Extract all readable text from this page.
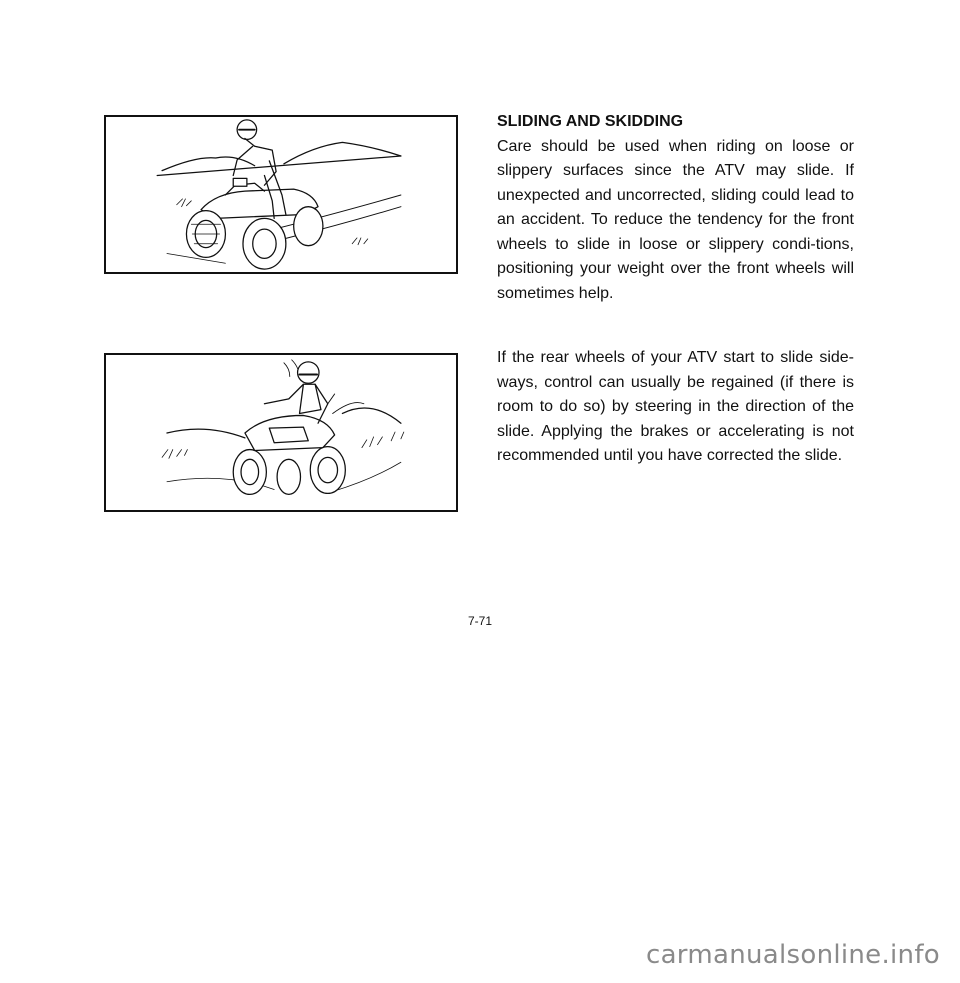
SLIDING AND SKIDDING
Care should be used when riding on loose or slippery surfaces since the ATV may slide. If unexpected and uncorrected, sliding could lead to an accident. To reduce the tendency for the front wheels to slide in loose or slippery condi-tions, positioning your weight over the front wheels will sometimes help.
If the rear wheels of your ATV start to slide side-ways, control can usually be regained (if there is room to do so) by steering in the direction of the slide. Applying the brakes or accelerating is not recommended until you have corrected the slide.
7-71
carmanualsonline.info
